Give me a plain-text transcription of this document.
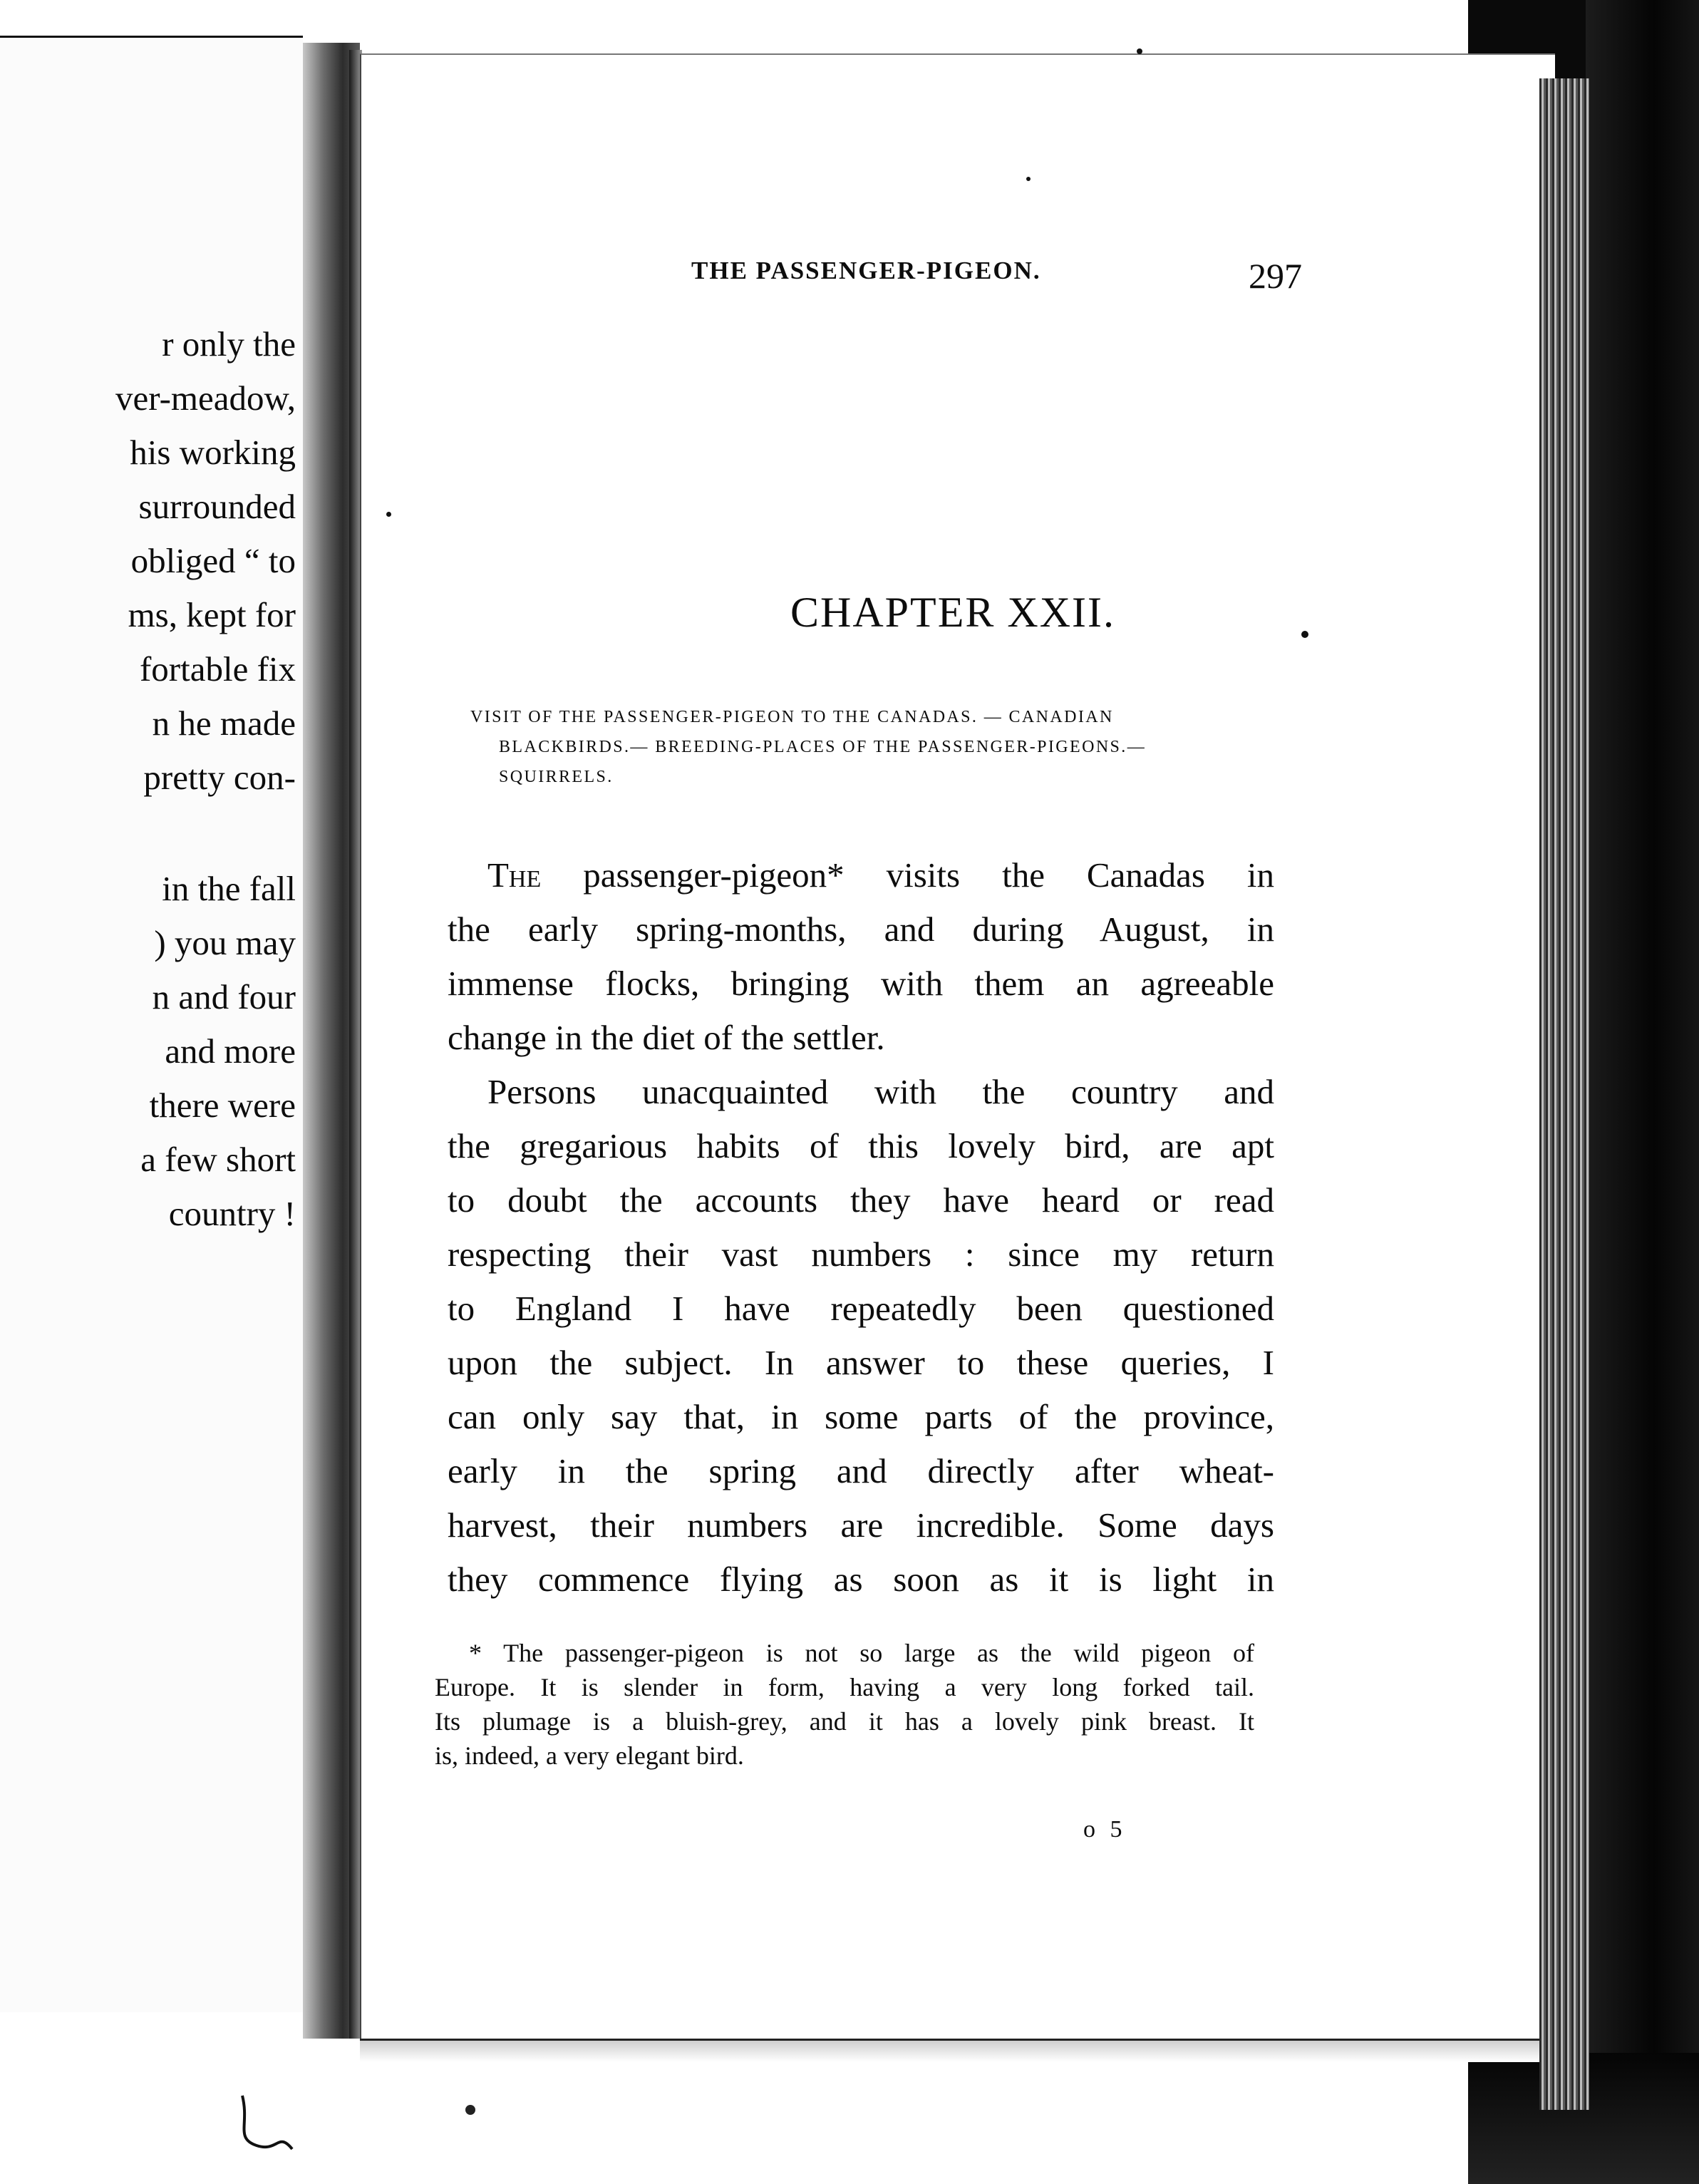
r only the

ver-meadow,

his working

surrounded

obliged “ to

ms, kept for

fortable fix

n he made

pretty con-

in the fall

) you may

n and four

and more

there were

a few short

country !

THE PASSENGER-PIGEON.	297

CHAPTER XXII.

VISIT OF THE PASSENGER-PIGEON TO THE CANADAS. — CANADIAN

BLACKBIRDS.— BREEDING-PLACES OF THE PASSENGER-PIGEONS.—

SQUIRRELS.

The passenger-pigeon* visits the Canadas in

the early spring-months, and during August, in

immense flocks, bringing with them an agreeable

change in the diet of the settler.

Persons unacquainted with the country and

the gregarious habits of this lovely bird, are apt

to doubt the accounts they have heard or read

respecting their vast numbers : since my return

to England I have repeatedly been questioned

upon the subject. In answer to these queries, I

can only say that, in some parts of the province,

early in the spring and directly after wheat-

harvest, their numbers are incredible. Some days

they commence flying as soon as it is light in

* The passenger-pigeon is not so large as the wild pigeon of

Europe. It is slender in form, having a very long forked tail.

Its plumage is a bluish-grey, and it has a lovely pink breast. It

is, indeed, a very elegant bird.

o 5
